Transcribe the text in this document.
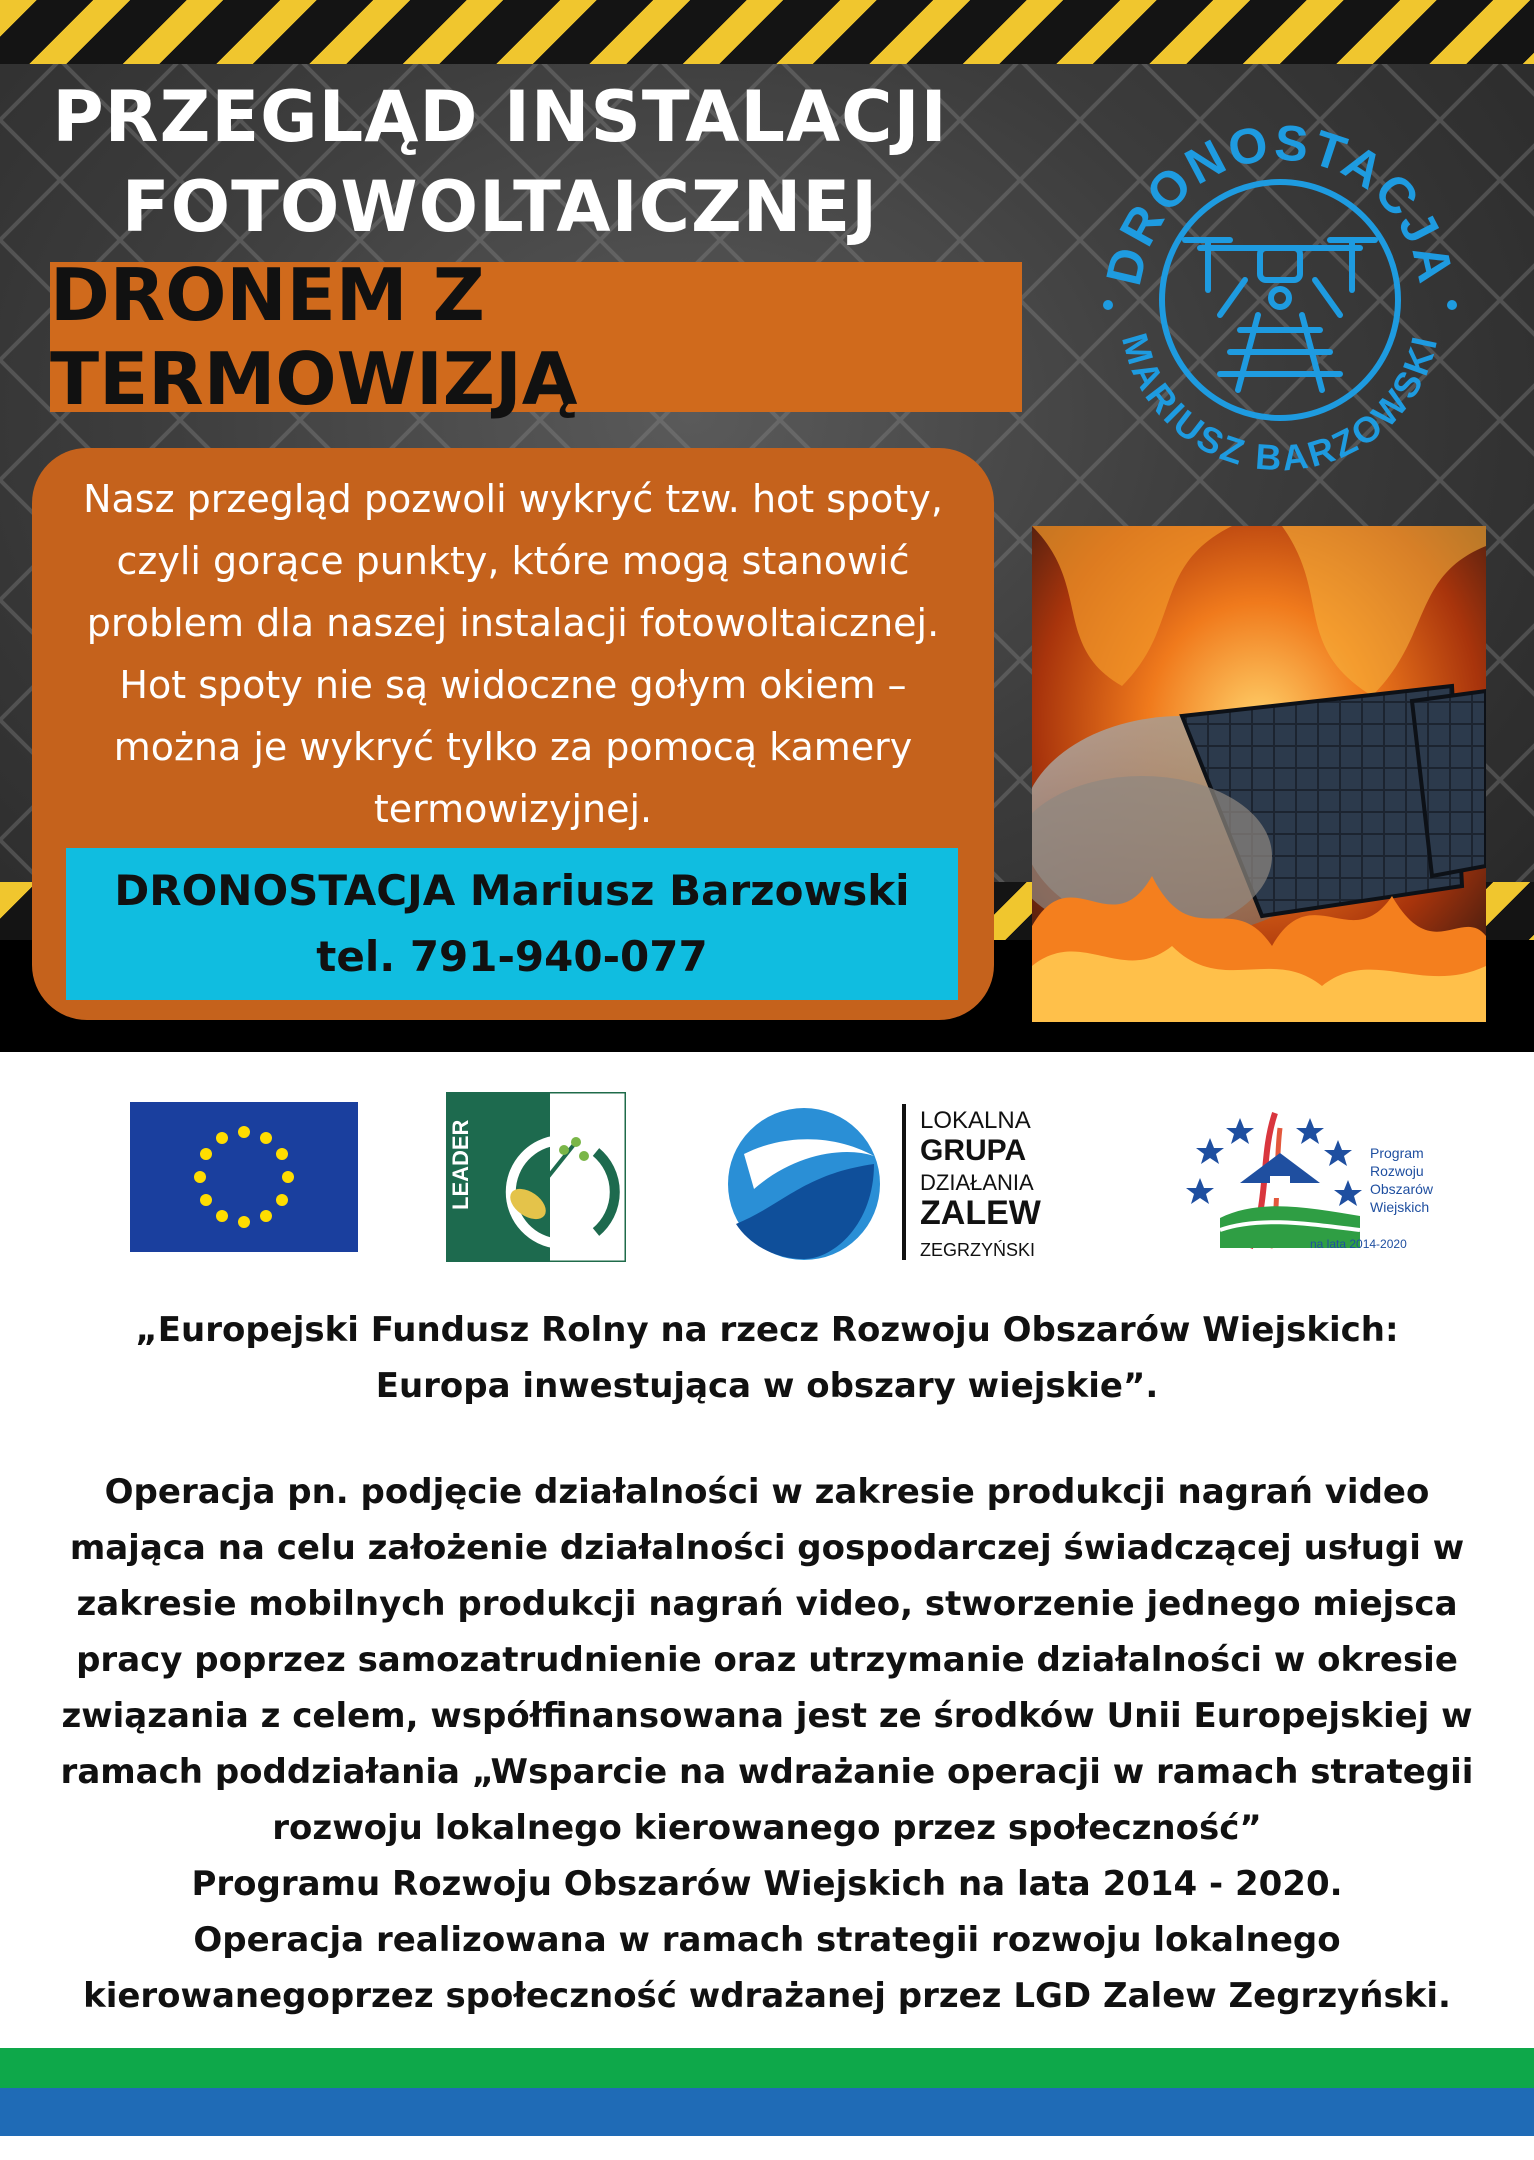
PRZEGLĄD INSTALACJI
FOTOWOLTAICZNEJ
DRONEM Z TERMOWIZJĄ
DRONOSTACJA
MARIUSZ BARZOWSKI
Nasz przegląd pozwoli wykryć tzw. hot spoty,
czyli gorące punkty, które mogą stanowić
problem dla naszej instalacji fotowoltaicznej.
Hot spoty nie są widoczne gołym okiem –
można je wykryć tylko za pomocą kamery
termowizyjnej.
DRONOSTACJA Mariusz Barzowski
tel. 791-940-077
LEADER	LOKALNA
GRUPA
DZIAŁANIA
ZALEW
ZEGRZYŃSKI
Program
Rozwoju
Obszarów
Wiejskich
na lata 2014-2020
„Europejski Fundusz Rolny na rzecz Rozwoju Obszarów Wiejskich:
Europa inwestująca w obszary wiejskie”.
Operacja pn. podjęcie działalności w zakresie produkcji nagrań video
mająca na celu założenie działalności gospodarczej świadczącej usługi w
zakresie mobilnych produkcji nagrań video, stworzenie jednego miejsca
pracy poprzez samozatrudnienie oraz utrzymanie działalności w okresie
związania z celem, współfinansowana jest ze środków Unii Europejskiej w
ramach poddziałania „Wsparcie na wdrażanie operacji w ramach strategii
rozwoju lokalnego kierowanego przez społeczność”
Programu Rozwoju Obszarów Wiejskich na lata 2014 - 2020.
Operacja realizowana w ramach strategii rozwoju lokalnego
kierowanegoprzez społeczność wdrażanej przez LGD Zalew Zegrzyński.
